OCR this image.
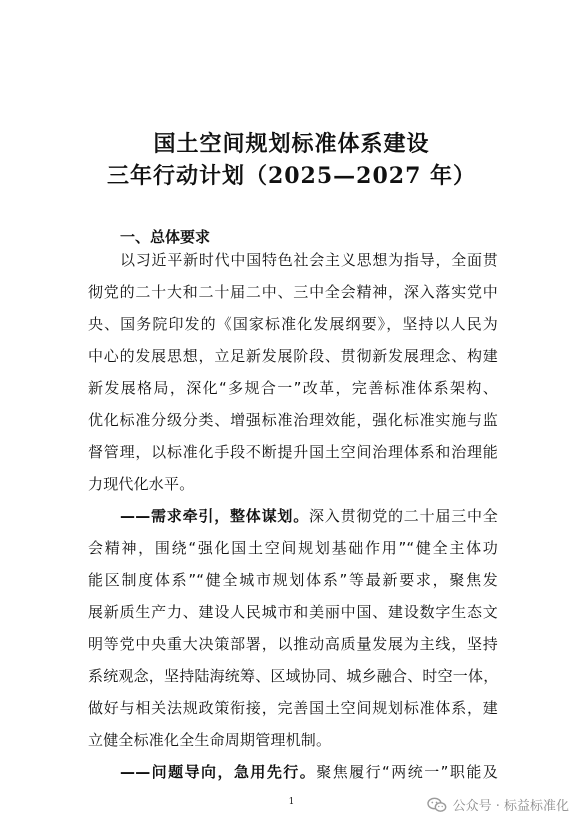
国土空间规划标准体系建设
三年行动计划（2025—2027 年）
一、总体要求
以习近平新时代中国特色社会主义思想为指导，全面贯
彻党的二十大和二十届二中、三中全会精神，深入落实党中
央、国务院印发的《国家标准化发展纲要》，坚持以人民为
中心的发展思想，立足新发展阶段、贯彻新发展理念、构建
新发展格局，深化“多规合一”改革，完善标准体系架构、
优化标准分级分类、增强标准治理效能，强化标准实施与监
督管理，以标准化手段不断提升国土空间治理体系和治理能
力现代化水平。
——需求牵引，整体谋划。深入贯彻党的二十届三中全
会精神，围绕“强化国土空间规划基础作用”“健全主体功
能区制度体系”“健全城市规划体系”等最新要求，聚焦发
展新质生产力、建设人民城市和美丽中国、建设数字生态文
明等党中央重大决策部署，以推动高质量发展为主线，坚持
系统观念，坚持陆海统筹、区域协同、城乡融合、时空一体，
做好与相关法规政策衔接，完善国土空间规划标准体系，建
立健全标准化全生命周期管理机制。
——问题导向，急用先行。聚焦履行“两统一”职能及
1	公众号 · 标益标准化
